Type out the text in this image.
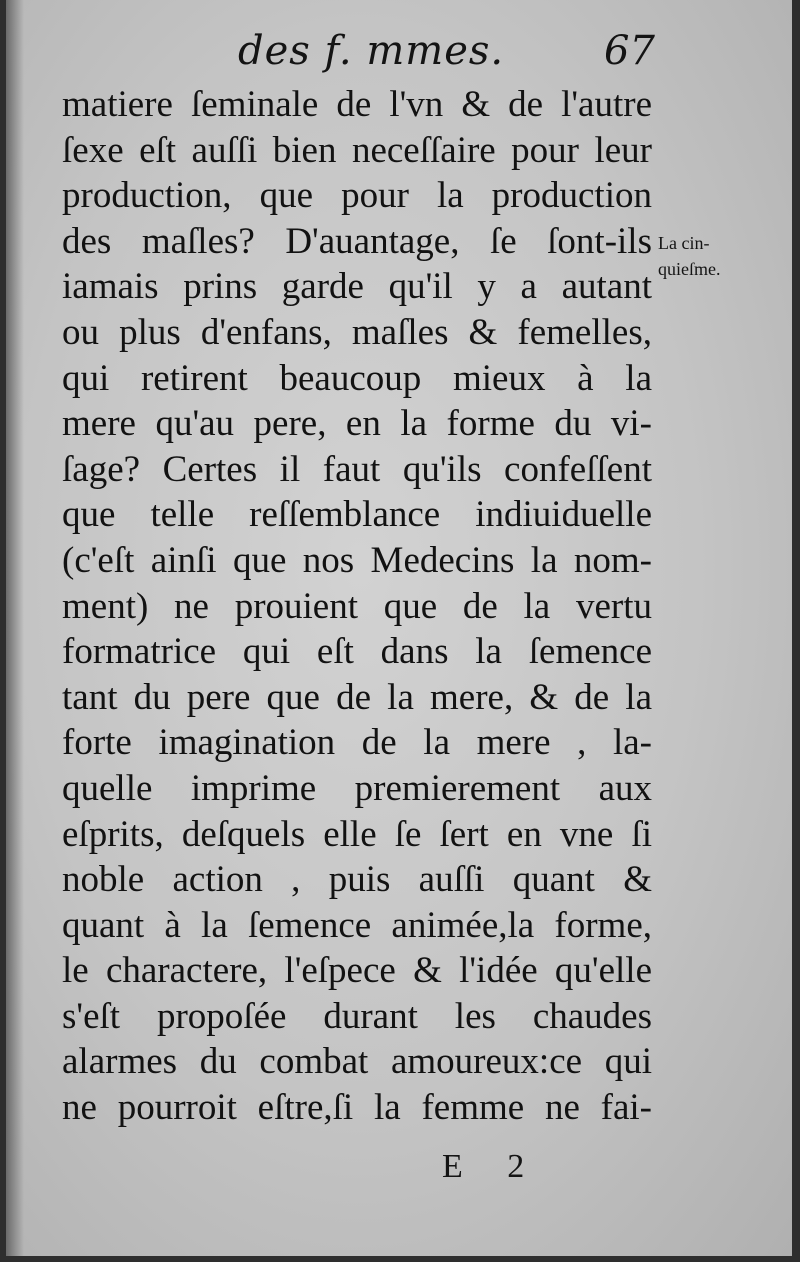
des f. mmes. 67
matiere ſeminale de l'vn & de l'autre
ſexe eſt auſſi bien neceſſaire pour leur
production, que pour la production
des maſles? D'auantage, ſe ſont-ils
iamais prins garde qu'il y a autant
ou plus d'enfans, maſles & femelles,
qui retirent beaucoup mieux à la
mere qu'au pere, en la forme du vi-
ſage? Certes il faut qu'ils confeſſent
que telle reſſemblance indiuiduelle
(c'eſt ainſi que nos Medecins la nom-
ment) ne prouient que de la vertu
formatrice qui eſt dans la ſemence
tant du pere que de la mere, & de la
forte imagination de la mere , la-
quelle imprime premierement aux
eſprits, deſquels elle ſe ſert en vne ſi
noble action , puis auſſi quant &
quant à la ſemence animée,la forme,
le charactere, l'eſpece & l'idée qu'elle
s'eſt propoſée durant les chaudes
alarmes du combat amoureux:ce qui
ne pourroit eſtre,ſi la femme ne fai-
La cin-
quieſme.
E 2
